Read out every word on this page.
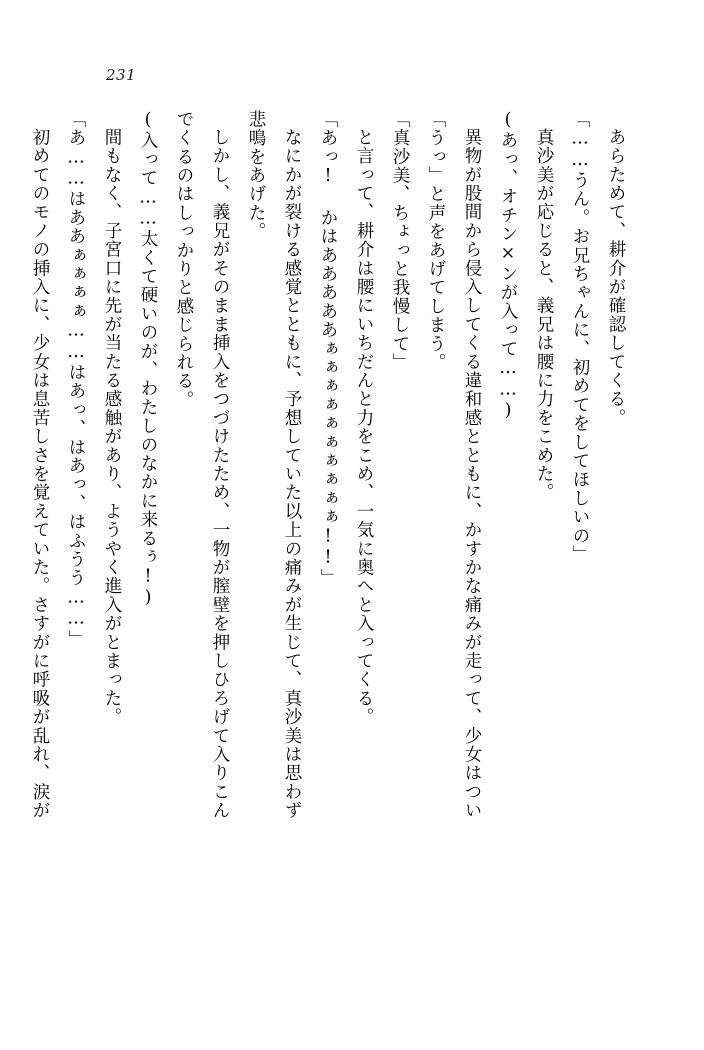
231

あらためて、耕介が確認してくる。

「……うん。お兄ちゃんに、初めてをしてほしいの」

真沙美が応じると、義兄は腰に力をこめた。

(あっ、オチン×ンが入って……)

異物が股間から侵入してくる違和感とともに、かすかな痛みが走って、少女はつい

「うっ」と声をあげてしまう。

「真沙美、ちょっと我慢して」

と言って、耕介は腰にいちだんと力をこめ、一気に奥へと入ってくる。

「あっ! かはあああああぁぁぁぁぁぁぁぁぁぁ!!」

なにかが裂ける感覚とともに、予想していた以上の痛みが生じて、真沙美は思わず

悲鳴をあげた。

しかし、義兄がそのまま挿入をつづけたため、一物が膣壁を押しひろげて入りこん

でくるのはしっかりと感じられる。

(入って……太くて硬いのが、わたしのなかに来るぅ!)

間もなく、子宮口に先が当たる感触があり、ようやく進入がとまった。

「あ……はああぁぁぁぁ……はあっ、はあっ、はふうう……」

初めてのモノの挿入に、少女は息苦しさを覚えていた。さすがに呼吸が乱れ、涙が
